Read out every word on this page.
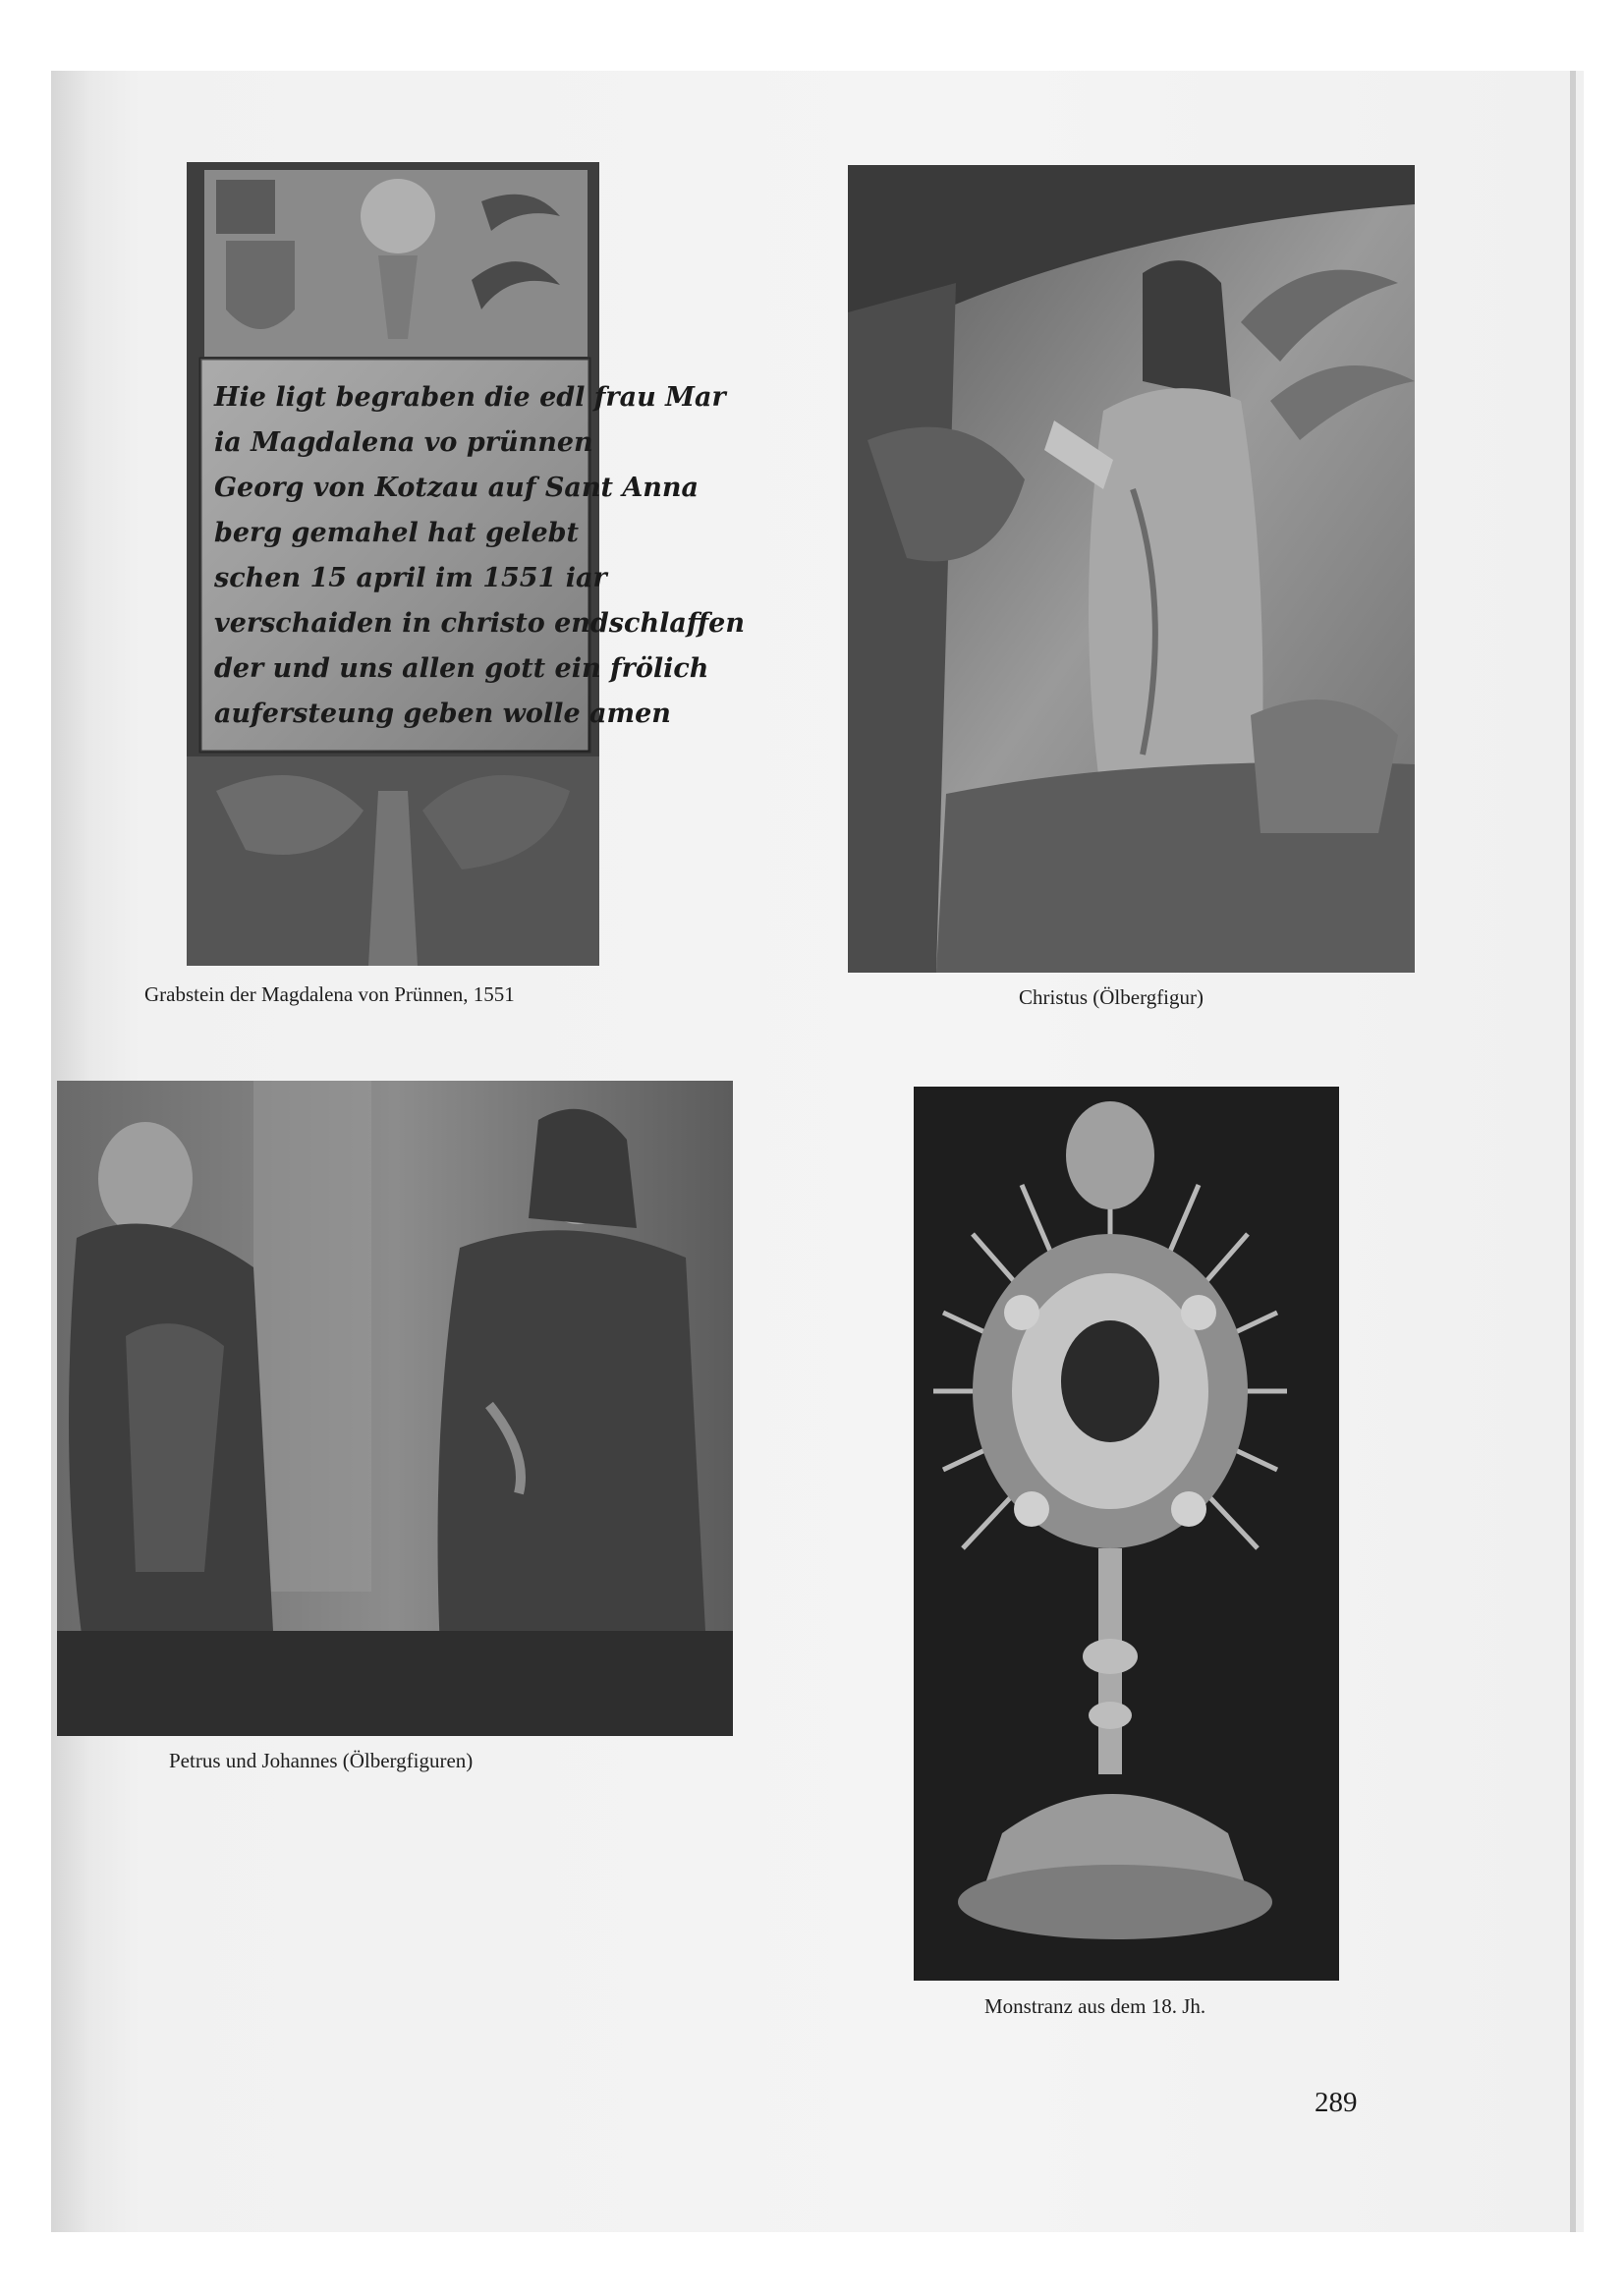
Hie ligt begraben die edl frau Mar
ia Magdalena vo prünnen
Georg von Kotzau auf Sant Anna
berg gemahel hat gelebt
schen 15 april im 1551 iar
verschaiden in christo endschlaffen
der und uns allen gott ein frölich
aufersteung geben wolle amen
Grabstein der Magdalena von Prünnen, 1551	Christus (Ölbergfigur)
Petrus und Johannes (Ölbergfiguren)
Monstranz aus dem 18. Jh.
289
